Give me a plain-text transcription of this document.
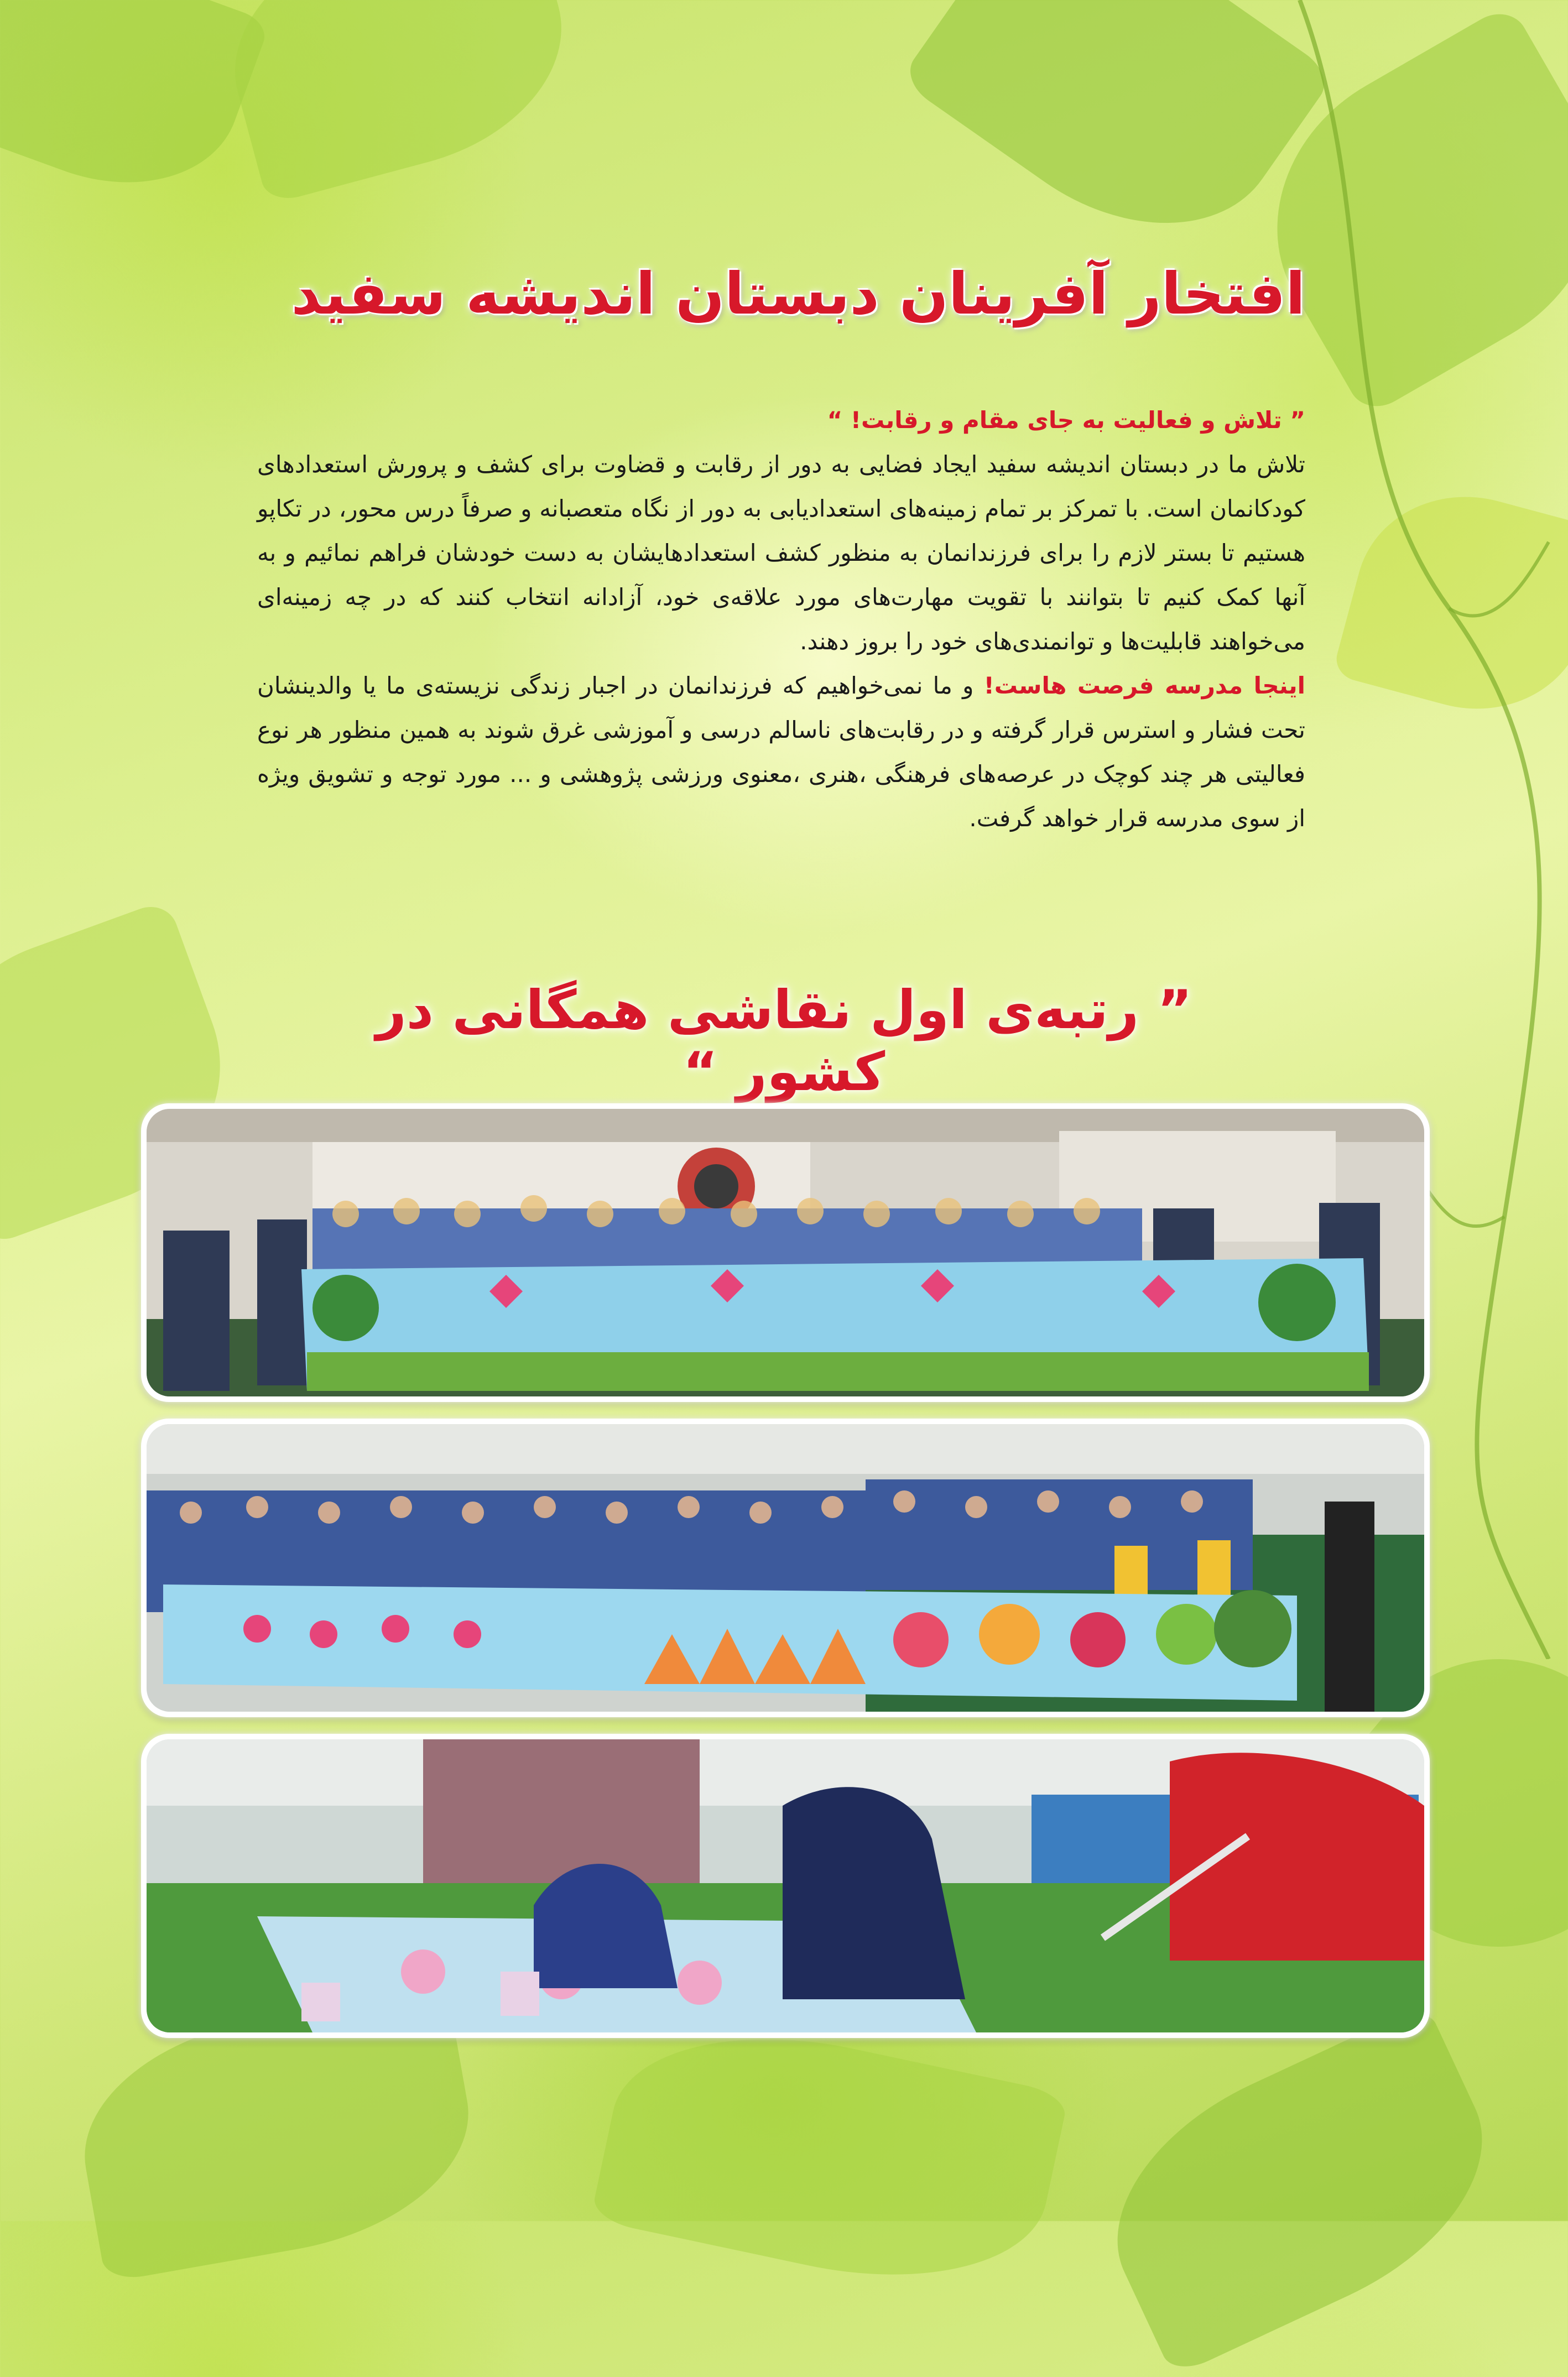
افتخار آفرینان دبستان اندیشه سفید

” تلاش و فعالیت به جای مقام و رقابت! “

تلاش ما در دبستان اندیشه سفید ایجاد فضایی به دور از رقابت و قضاوت برای کشف و پرورش استعدادهای کودکانمان است. با تمرکز بر تمام زمینه‌های استعدادیابی به دور از نگاه متعصبانه و صرفاً درس محور، در تکاپو هستیم تا بستر لازم را برای فرزندانمان به منظور کشف استعدادهایشان به دست خودشان فراهم نمائیم و به آنها کمک کنیم تا بتوانند با تقویت مهارت‌های مورد علاقه‌ی خود، آزادانه انتخاب کنند که در چه زمینه‌ای می‌خواهند قابلیت‌ها و توانمندی‌های خود را بروز دهند.

اینجا مدرسه فرصت هاست! و ما نمی‌خواهیم که فرزندانمان در اجبار زندگی نزیسته‌ی ما یا والدینشان تحت فشار و استرس قرار گرفته و در رقابت‌های ناسالم درسی و آموزشی غرق شوند به همین منظور هر نوع فعالیتی هر چند کوچک در عرصه‌های فرهنگی ،هنری ،معنوی ورزشی پژوهشی و ... مورد توجه و تشویق ویژه از سوی مدرسه قرار خواهد گرفت.

” رتبه‌ی اول نقاشی همگانی در کشور “
